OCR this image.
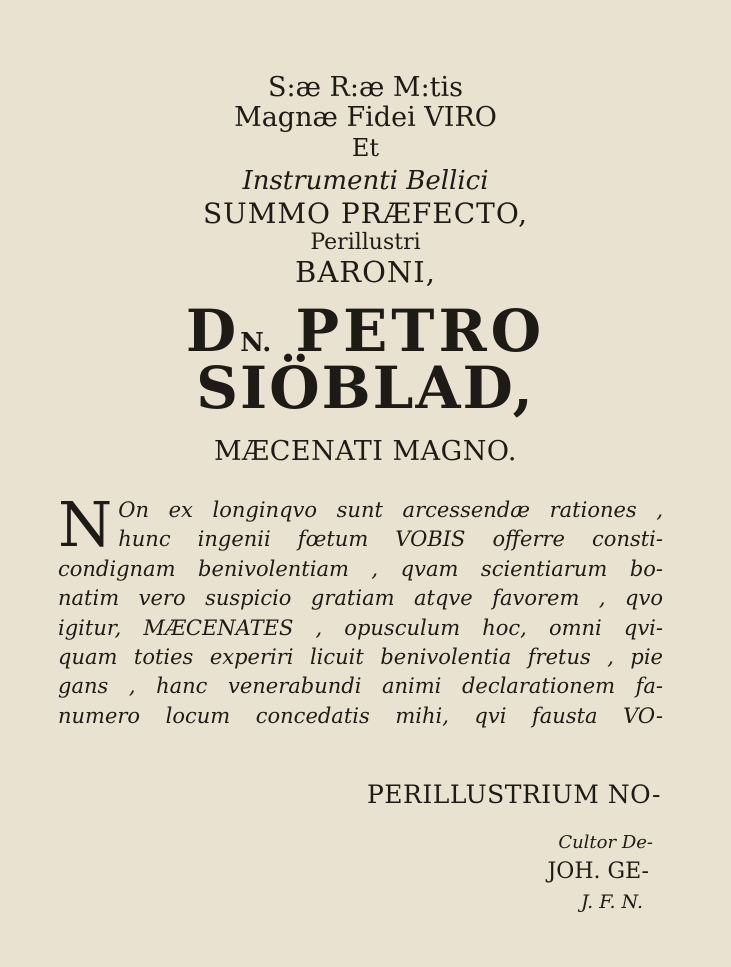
S:æ R:æ M:tis
Magnæ Fidei VIRO
Et
Instrumenti Bellici
SUMMO PRÆFECTO,
Perillustri
BARONI,
DN. PETRO
SIÖBLAD,
MÆCENATI MAGNO.
N On ex longinqvo sunt arcessendæ rationes ,
hunc ingenii fœtum VOBIS offerre consti-
condignam benivolentiam , qvam scientiarum bo-
natim vero suspicio gratiam atqve favorem , qvo
igitur, MÆCENATES , opusculum hoc, omni qvi-
quam toties experiri licuit benivolentia fretus , pie
gans , hanc venerabundi animi declarationem fa-
numero locum concedatis mihi, qvi fausta VO-
PERILLUSTRIUM NO-
Cultor De-
JOH. GE-
J. F. N.
